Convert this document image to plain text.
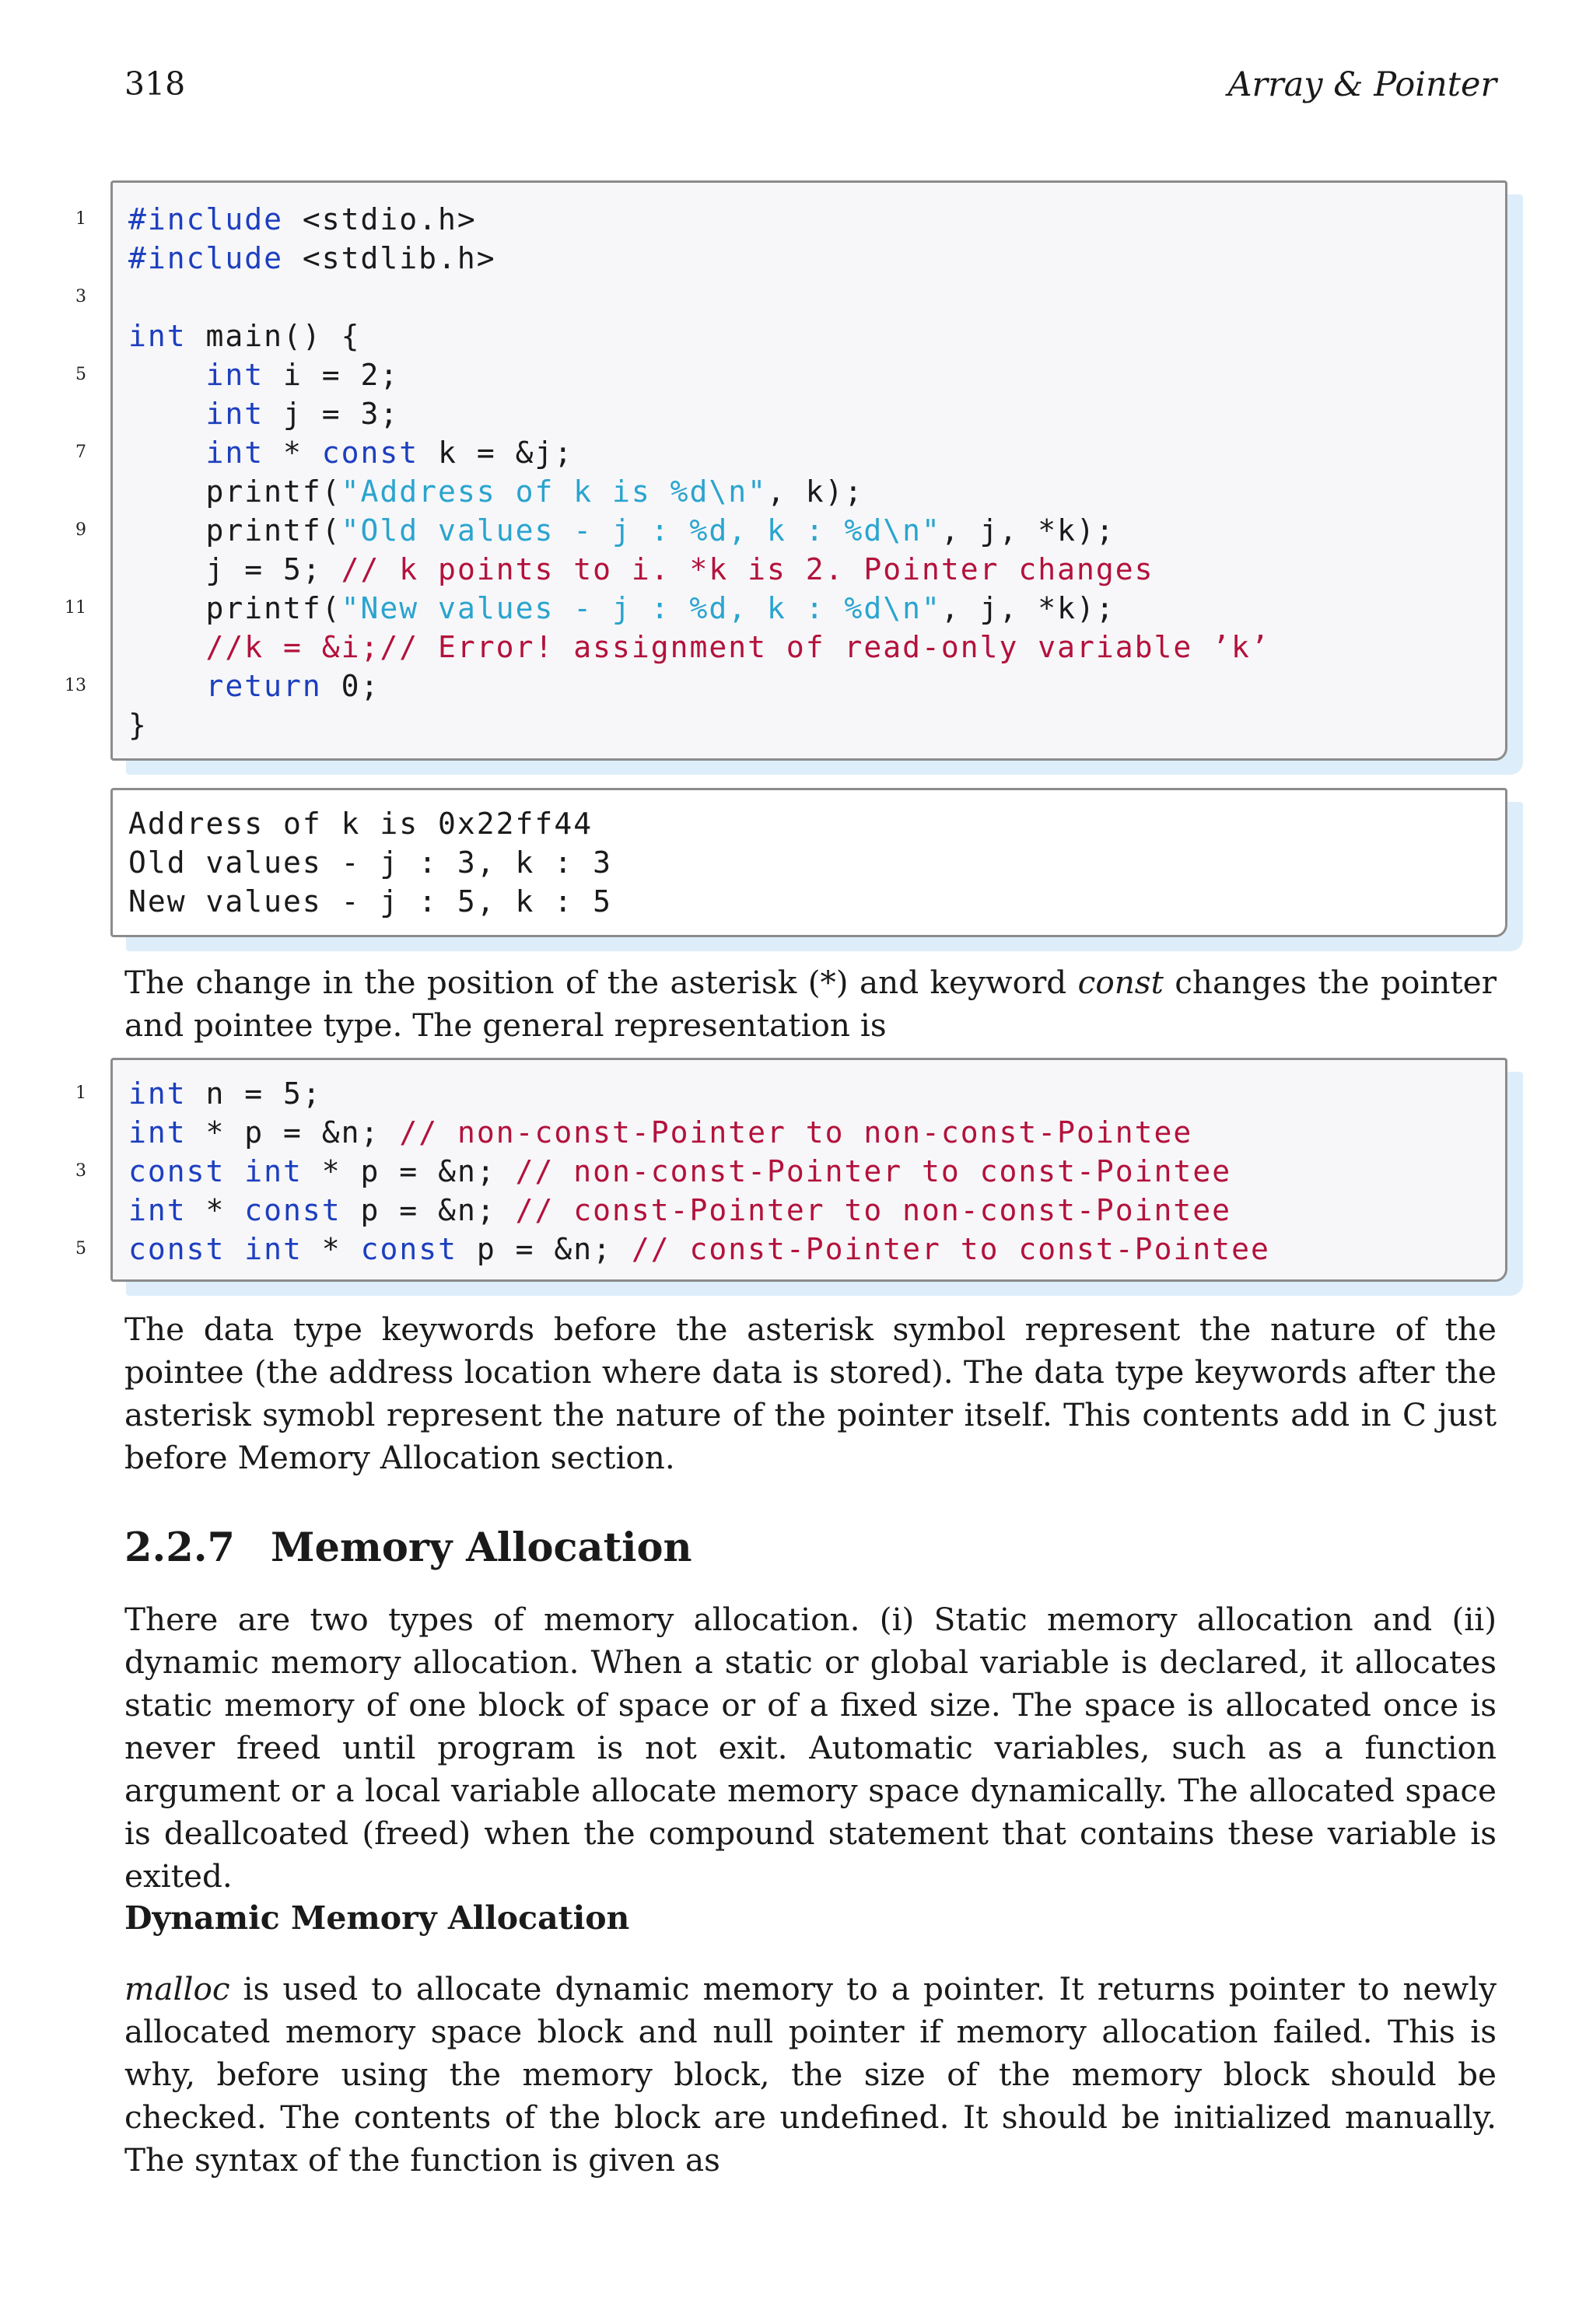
318	Array & Pointer
1 #include <stdio.h>
#include <stdlib.h>
3
int main() {
5	int i = 2;
int j = 3;
7	int * const k = &j;
printf("Address of k is %d\n", k);
9 printf("Old values - j : %d, k : %d\n", j, *k);
j = 5; // k points to i. *k is 2. Pointer changes
11 printf("New values - j : %d, k : %d\n", j, *k);
//k = &i;// Error! assignment of read-only variable ’k’
13	return 0;
}
Address of k is 0x22ff44
Old values - j : 3, k : 3
New values - j : 5, k : 5

The change in the position of the asterisk (*) and keyword const changes the pointer and pointee type. The general representation is

1 int n = 5;
int * p = &n; // non-const-Pointer to non-const-Pointee
3 const int * p = &n; // non-const-Pointer to const-Pointee
int * const p = &n; // const-Pointer to non-const-Pointee
5 const int * const p = &n; // const-Pointer to const-Pointee

The data type keywords before the asterisk symbol represent the nature of the pointee (the address location where data is stored). The data type keywords after the asterisk symobl represent the nature of the pointer itself. This contents add in C just before Memory Allocation section.

2.2.7 Memory Allocation

There are two types of memory allocation. (i) Static memory allocation and (ii) dynamic memory allocation. When a static or global variable is declared, it allocates static memory of one block of space or of a fixed size. The space is allocated once is never freed until program is not exit. Automatic variables, such as a function argument or a local variable allocate memory space dynamically. The allocated space is deallcoated (freed) when the compound statement that contains these variable is exited.

Dynamic Memory Allocation

malloc is used to allocate dynamic memory to a pointer. It returns pointer to newly allocated memory space block and null pointer if memory allocation failed. This is why, before using the memory block, the size of the memory block should be checked. The contents of the block are undefined. It should be initialized manually. The syntax of the function is given as
